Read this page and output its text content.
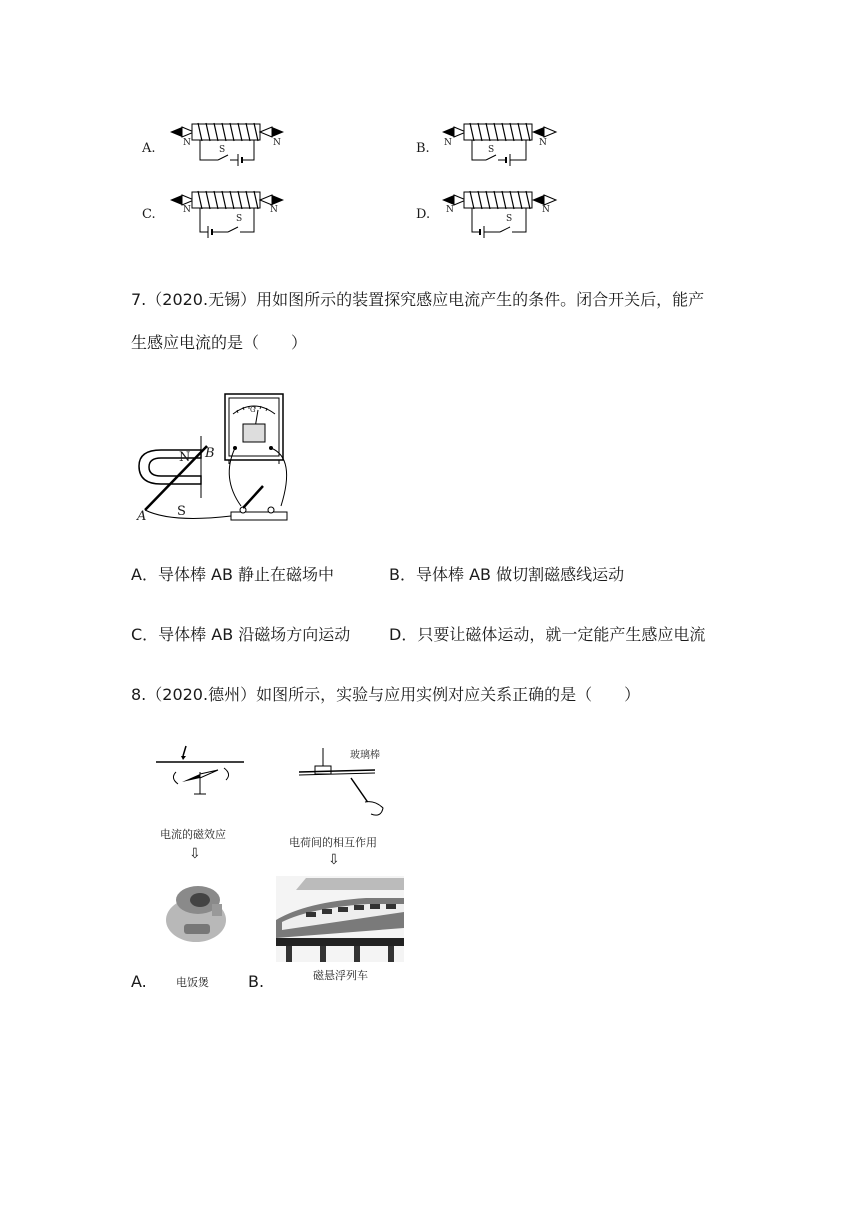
A.	N	N
S	B. N	N
S
C.	N	N
S	D. N	N
S
7.（2020.无锡）用如图所示的装置探究感应电流产生的条件。闭合开关后，能产
生感应电流的是（　　）
N
S
B
A
G
A．导体棒 AB 静止在磁场中	B．导体棒 AB 做切割磁感线运动
C．导体棒 AB 沿磁场方向运动 D．只要让磁体运动，就一定能产生感应电流
8.（2020.德州）如图所示，实验与应用实例对应关系正确的是（　　）
电流的磁效应
⇩
电饭煲
A.
玻璃棒
电荷间的相互作用
⇩
磁悬浮列车
B.
